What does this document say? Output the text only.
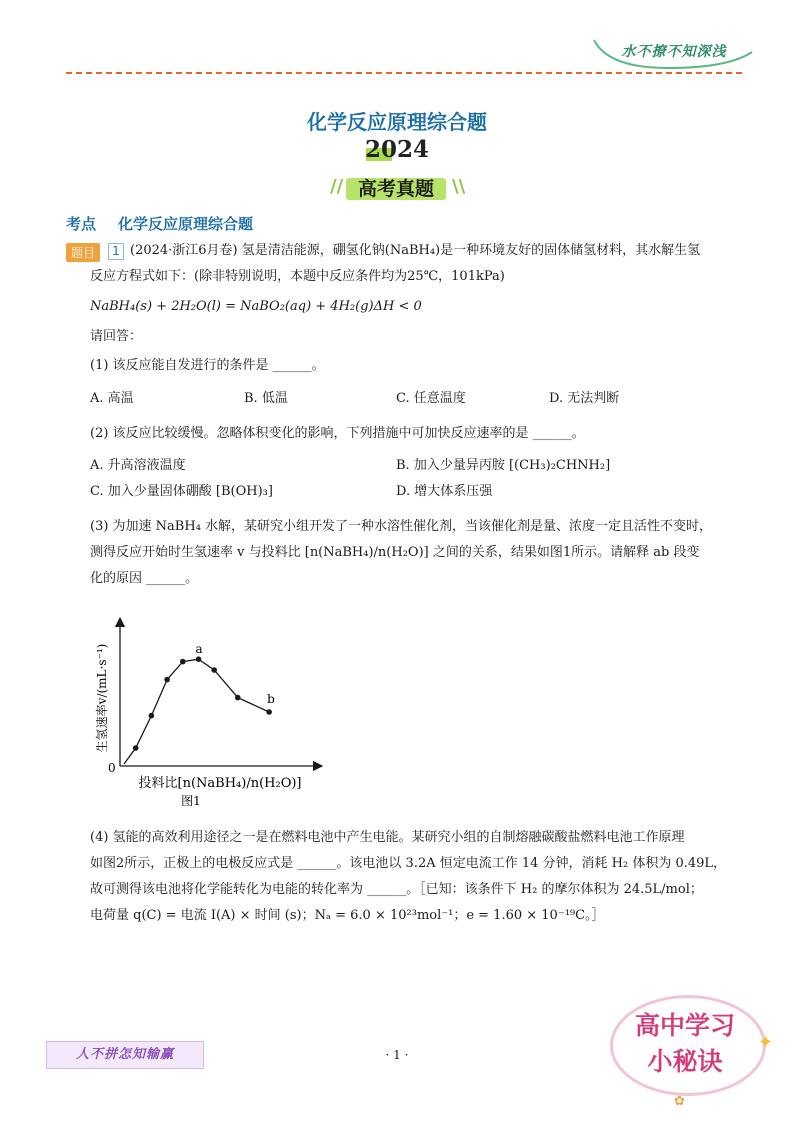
水不撩不知深浅
化学反应原理综合题
2024
// 高考真题	\\
考点 化学反应原理综合题
题目	1 (2024·浙江6月卷) 氢是清洁能源，硼氢化钠(NaBH₄)是一种环境友好的固体储氢材料，其水解生氢
反应方程式如下：(除非特别说明，本题中反应条件均为25℃，101kPa)
NaBH₄(s) + 2H₂O(l) = NaBO₂(aq) + 4H₂(g)ΔH < 0
请回答：
(1) 该反应能自发进行的条件是 ______。
A. 高温	B. 低温	C. 任意温度	D. 无法判断
(2) 该反应比较缓慢。忽略体积变化的影响，下列措施中可加快反应速率的是 ______。
A. 升高溶液温度	B. 加入少量异丙胺 [(CH₃)₂CHNH₂]
C. 加入少量固体硼酸 [B(OH)₃]	D. 增大体系压强
(3) 为加速 NaBH₄ 水解，某研究小组开发了一种水溶性催化剂，当该催化剂是量、浓度一定且活性不变时，
测得反应开始时生氢速率 v 与投料比 [n(NaBH₄)/n(H₂O)] 之间的关系，结果如图1所示。请解释 ab 段变
化的原因 ______。
0
生氢速率v/(mL·s⁻¹)
投料比[n(NaBH₄)/n(H₂O)]
图1
a
b
(4) 氢能的高效利用途径之一是在燃料电池中产生电能。某研究小组的自制熔融碳酸盐燃料电池工作原理
如图2所示，正极上的电极反应式是 ______。该电池以 3.2A 恒定电流工作 14 分钟，消耗 H₂ 体积为 0.49L，
故可测得该电池将化学能转化为电能的转化率为 ______。［已知：该条件下 H₂ 的摩尔体积为 24.5L/mol；
电荷量 q(C) = 电流 I(A) × 时间 (s)；Nₐ = 6.0 × 10²³mol⁻¹；e = 1.60 × 10⁻¹⁹C。］
人不拼怎知输赢	· 1 ·
高中学习
小秘诀
✦
✿
